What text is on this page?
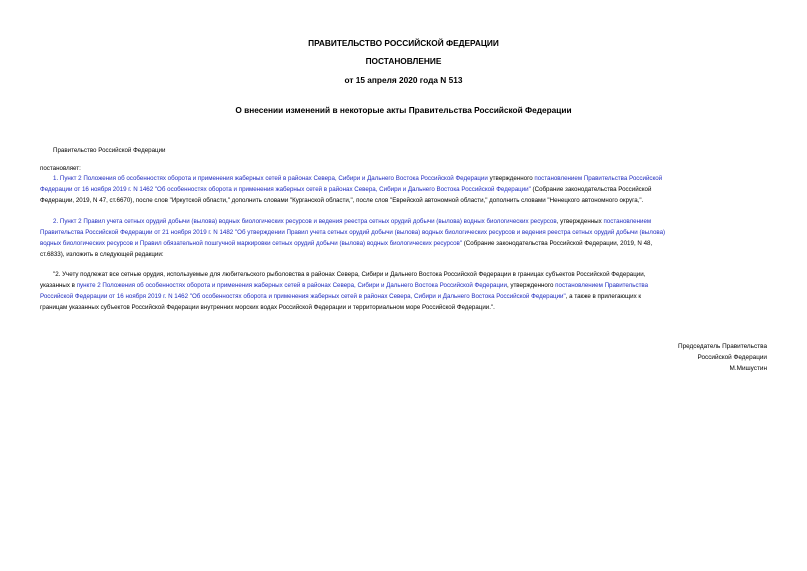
ПРАВИТЕЛЬСТВО РОССИЙСКОЙ ФЕДЕРАЦИИ
ПОСТАНОВЛЕНИЕ
от 15 апреля 2020 года N 513
О внесении изменений в некоторые акты Правительства Российской Федерации
Правительство Российской Федерации
постановляет:
1. Пункт 2 Положения об особенностях оборота и применения жаберных сетей в районах Севера, Сибири и Дальнего Востока Российской Федерации утвержденного постановлением Правительства Российской
Федерации от 16 ноября 2019 г. N 1462 "Об особенностях оборота и применения жаберных сетей в районах Севера, Сибири и Дальнего Востока Российской Федерации" (Собрание законодательства Российской
Федерации, 2019, N 47, ст.6670), после слов "Иркутской области," дополнить словами "Курганской области,", после слов "Еврейской автономной области," дополнить словами "Ненецкого автономного округа,".
2. Пункт 2 Правил учета сетных орудий добычи (вылова) водных биологических ресурсов и ведения реестра сетных орудий добычи (вылова) водных биологических ресурсов, утвержденных постановлением
Правительства Российской Федерации от 21 ноября 2019 г. N 1482 "Об утверждении Правил учета сетных орудий добычи (вылова) водных биологических ресурсов и ведения реестра сетных орудий добычи (вылова)
водных биологических ресурсов и Правил обязательной пошгучной маркировки сетных орудий добычи (вылова) водных биологических ресурсов" (Собрание законодательства Российской Федерации, 2019, N 48,
ст.6833), изложить в следующей редакции:
"2. Учету подлежат все сетные орудия, используемые для любительского рыболовства в районах Севера, Сибири и Дальнего Востока Российской Федерации в границах субъектов Российской Федерации,
указанных в пункте 2 Положения об особенностях оборота и применения жаберных сетей в районах Севера, Сибири и Дальнего Востока Российской Федерации, утвержденного постановлением Правительства
Российской Федерации от 16 ноября 2019 г. N 1462 "Об особенностях оборота и применения жаберных сетей в районах Севера, Сибири и Дальнего Востока Российской Федерации", а также в прилегающих к
границам указанных субъектов Российской Федерации внутренних морских водах Российской Федерации и территориальном море Российской Федерации.".
Председатель Правительства
Российской Федерации
М.Мишустин
